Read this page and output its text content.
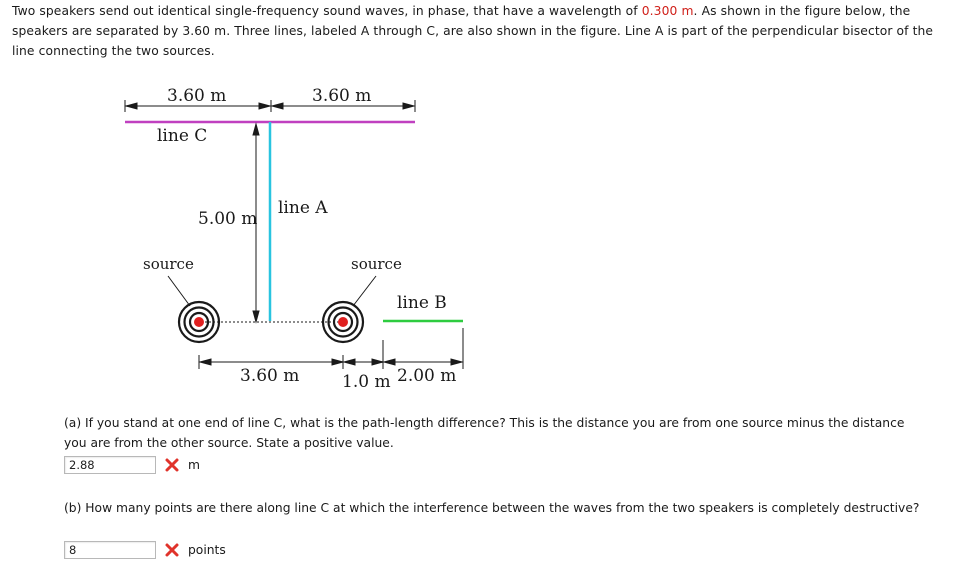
Two speakers send out identical single-frequency sound waves, in phase, that have a wavelength of 0.300 m. As shown in the figure below, the speakers are separated by 3.60 m. Three lines, labeled A through C, are also shown in the figure. Line A is part of the perpendicular bisector of the line connecting the two sources.
3.60 m	3.60 m
line C
5.00 m
line A
source	source
line B
3.60 m	1.0 m 2.00 m
(a) If you stand at one end of line C, what is the path-length difference? This is the distance you are from one source minus the distance you are from the other source. State a positive value.
2.88
m
(b) How many points are there along line C at which the interference between the waves from the two speakers is completely destructive?
8
points
